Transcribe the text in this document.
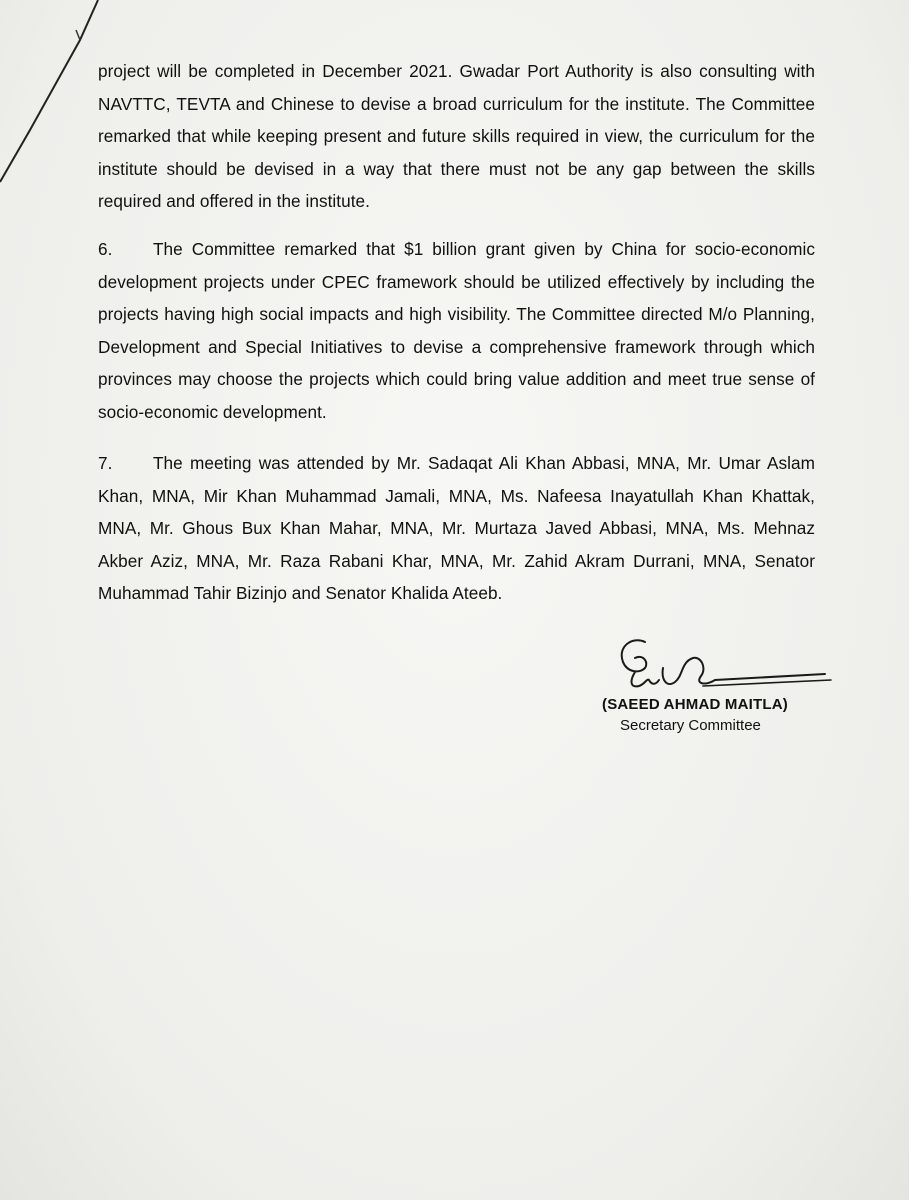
project will be completed in December 2021. Gwadar Port Authority is also consulting with NAVTTC, TEVTA and Chinese to devise a broad curriculum for the institute. The Committee remarked that while keeping present and future skills required in view, the curriculum for the institute should be devised in a way that there must not be any gap between the skills required and offered in the institute.
6. The Committee remarked that $1 billion grant given by China for socio-economic development projects under CPEC framework should be utilized effectively by including the projects having high social impacts and high visibility. The Committee directed M/o Planning, Development and Special Initiatives to devise a comprehensive framework through which provinces may choose the projects which could bring value addition and meet true sense of socio-economic development.
7. The meeting was attended by Mr. Sadaqat Ali Khan Abbasi, MNA, Mr. Umar Aslam Khan, MNA, Mir Khan Muhammad Jamali, MNA, Ms. Nafeesa Inayatullah Khan Khattak, MNA, Mr. Ghous Bux Khan Mahar, MNA, Mr. Murtaza Javed Abbasi, MNA, Ms. Mehnaz Akber Aziz, MNA, Mr. Raza Rabani Khar, MNA, Mr. Zahid Akram Durrani, MNA, Senator Muhammad Tahir Bizinjo and Senator Khalida Ateeb.
(SAEED AHMAD MAITLA)
Secretary Committee
